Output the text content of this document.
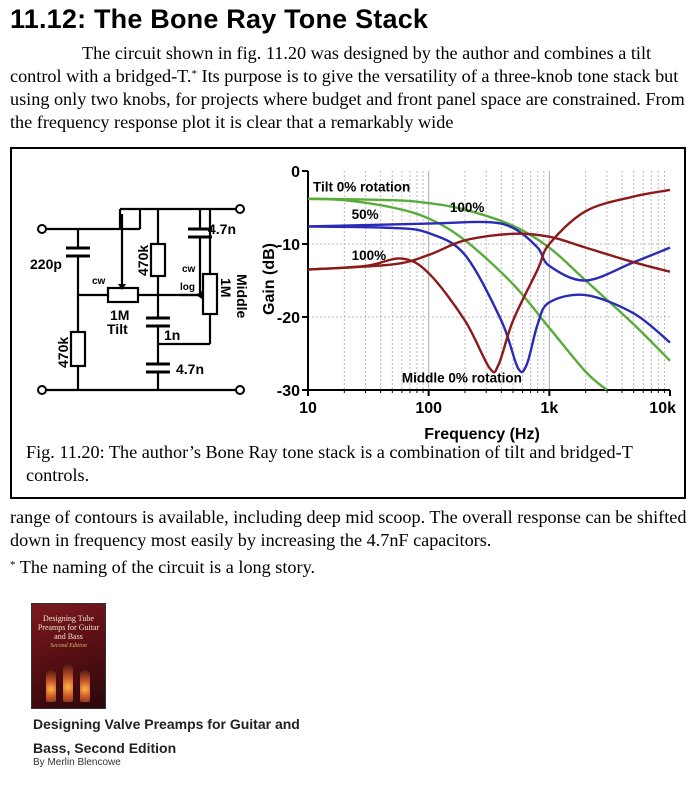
11.12: The Bone Ray Tone Stack

The circuit shown in fig. 11.20 was designed by the author and combines a tilt control with a bridged-T.* Its purpose is to give the versatility of a three-knob tone stack but using only two knobs, for projects where budget and front panel space are constrained. From the frequency response plot it is clear that a remarkably wide

4.7n
220p	470k
cw
1M
Tilt
470k
1n
4.7n
cw
log 1M Middle
0
-10
-20
-30
10	100	1k	10k
Tilt 0% rotation
50%	100%
100%
Middle 0% rotation
Frequency (Hz)
Gain (dB)

Fig. 11.20: The author’s Bone Ray tone stack is a combination of tilt and bridged-T controls.

range of contours is available, including deep mid scoop. The overall response can be shifted down in frequency most easily by increasing the 4.7nF capacitors.

* The naming of the circuit is a long story.

Designing Tube Preamps for Guitar and Bass
Second Edition

Designing Valve Preamps for Guitar and Bass, Second Edition

By Merlin Blencowe
